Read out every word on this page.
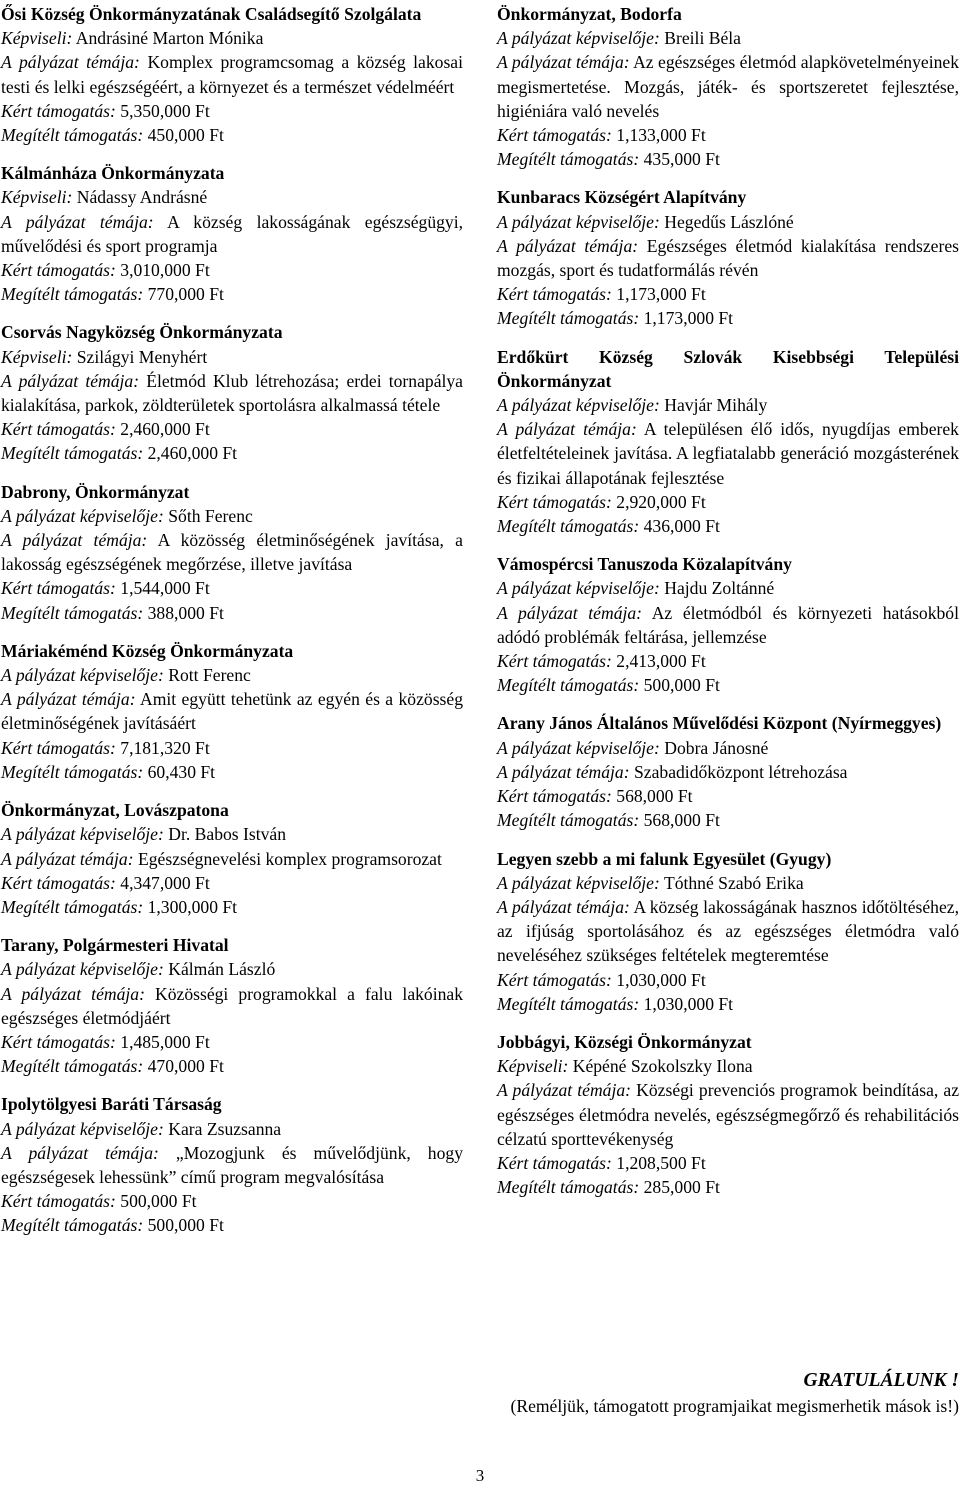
Ősi Község Önkormányzatának Családsegítő Szolgálata
Képviseli: Andrásiné Marton Mónika
A pályázat témája: Komplex programcsomag a község lakosai testi és lelki egészségéért, a környezet és a természet védelméért
Kért támogatás: 5,350,000 Ft
Megítélt támogatás: 450,000 Ft
Kálmánháza Önkormányzata
Képviseli: Nádassy Andrásné
A pályázat témája: A község lakosságának egészségügyi, művelődési és sport programja
Kért támogatás: 3,010,000 Ft
Megítélt támogatás: 770,000 Ft
Csorvás Nagyközség Önkormányzata
Képviseli: Szilágyi Menyhért
A pályázat témája: Életmód Klub létrehozása; erdei tornapálya kialakítása, parkok, zöldterületek sportolásra alkalmassá tétele
Kért támogatás: 2,460,000 Ft
Megítélt támogatás: 2,460,000 Ft
Dabrony, Önkormányzat
A pályázat képviselője: Sőth Ferenc
A pályázat témája: A közösség életminőségének javítása, a lakosság egészségének megőrzése, illetve javítása
Kért támogatás: 1,544,000 Ft
Megítélt támogatás: 388,000 Ft
Máriakéménd Község Önkormányzata
A pályázat képviselője: Rott Ferenc
A pályázat témája: Amit együtt tehetünk az egyén és a közösség életminőségének javításáért
Kért támogatás: 7,181,320 Ft
Megítélt támogatás: 60,430 Ft
Önkormányzat, Lovászpatona
A pályázat képviselője: Dr. Babos István
A pályázat témája: Egészségnevelési komplex programsorozat
Kért támogatás: 4,347,000 Ft
Megítélt támogatás: 1,300,000 Ft
Tarany, Polgármesteri Hivatal
A pályázat képviselője: Kálmán László
A pályázat témája: Közösségi programokkal a falu lakóinak egészséges életmódjáért
Kért támogatás: 1,485,000 Ft
Megítélt támogatás: 470,000 Ft
Ipolytölgyesi Baráti Társaság
A pályázat képviselője: Kara Zsuzsanna
A pályázat témája: „Mozogjunk és művelődjünk, hogy egészségesek lehessünk” című program megvalósítása
Kért támogatás: 500,000 Ft
Megítélt támogatás: 500,000 Ft
Önkormányzat, Bodorfa
A pályázat képviselője: Breili Béla
A pályázat témája: Az egészséges életmód alapkövetelményeinek megismertetése. Mozgás, játék- és sportszeretet fejlesztése, higiéniára való nevelés
Kért támogatás: 1,133,000 Ft
Megítélt támogatás: 435,000 Ft
Kunbaracs Községért Alapítvány
A pályázat képviselője: Hegedűs Lászlóné
A pályázat témája: Egészséges életmód kialakítása rendszeres mozgás, sport és tudatformálás révén
Kért támogatás: 1,173,000 Ft
Megítélt támogatás: 1,173,000 Ft
Erdőkürt Község Szlovák Kisebbségi Települési Önkormányzat
A pályázat képviselője: Havjár Mihály
A pályázat témája: A településen élő idős, nyugdíjas emberek életfeltételeinek javítása. A legfiatalabb generáció mozgásterének és fizikai állapotának fejlesztése
Kért támogatás: 2,920,000 Ft
Megítélt támogatás: 436,000 Ft
Vámospércsi Tanuszoda Közalapítvány
A pályázat képviselője: Hajdu Zoltánné
A pályázat témája: Az életmódból és környezeti hatásokból adódó problémák feltárása, jellemzése
Kért támogatás: 2,413,000 Ft
Megítélt támogatás: 500,000 Ft
Arany János Általános Művelődési Központ (Nyírmeggyes)
A pályázat képviselője: Dobra Jánosné
A pályázat témája: Szabadidőközpont létrehozása
Kért támogatás: 568,000 Ft
Megítélt támogatás: 568,000 Ft
Legyen szebb a mi falunk Egyesület (Gyugy)
A pályázat képviselője: Tóthné Szabó Erika
A pályázat témája: A község lakosságának hasznos időtöltéséhez, az ifjúság sportolásához és az egészséges életmódra való neveléséhez szükséges feltételek megteremtése
Kért támogatás: 1,030,000 Ft
Megítélt támogatás: 1,030,000 Ft
Jobbágyi, Községi Önkormányzat
Képviseli: Képéné Szokolszky Ilona
A pályázat témája: Községi prevenciós programok beindítása, az egészséges életmódra nevelés, egészségmegőrző és rehabilitációs célzatú sporttevékenység
Kért támogatás: 1,208,500 Ft
Megítélt támogatás: 285,000 Ft
GRATULÁLUNK !
(Reméljük, támogatott programjaikat megismerhetik mások is!)
3
